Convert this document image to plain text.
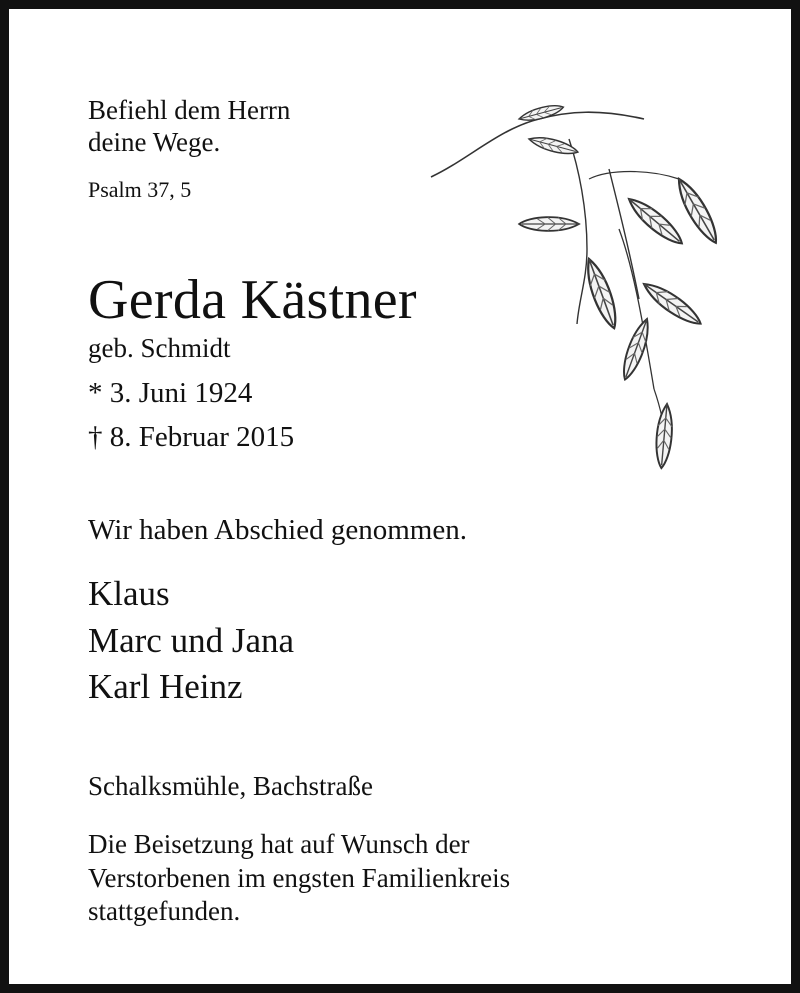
Befiehl dem Herrn
deine Wege.
Psalm 37, 5
Gerda Kästner
geb. Schmidt
* 3. Juni 1924
† 8. Februar 2015
Wir haben Abschied genommen.
Klaus
Marc und Jana
Karl Heinz
Schalksmühle, Bachstraße
Die Beisetzung hat auf Wunsch der
Verstorbenen im engsten Familienkreis
stattgefunden.
